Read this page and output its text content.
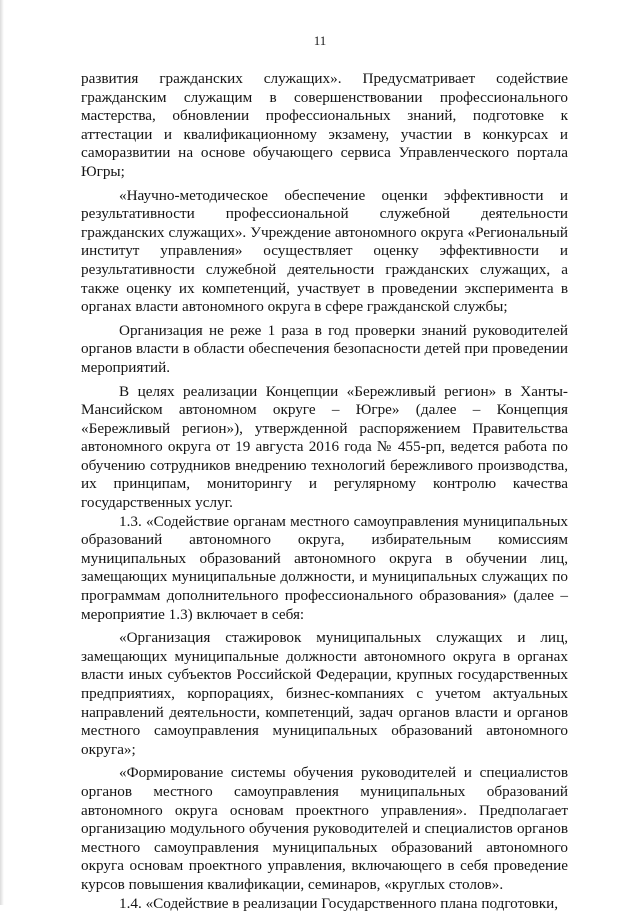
11

развития гражданских служащих». Предусматривает содействие гражданским служащим в совершенствовании профессионального мастерства, обновлении профессиональных знаний, подготовке к аттестации и квалификационному экзамену, участии в конкурсах и саморазвитии на основе обучающего сервиса Управленческого портала Югры;

«Научно-методическое обеспечение оценки эффективности и результативности профессиональной служебной деятельности гражданских служащих». Учреждение автономного округа «Региональный институт управления» осуществляет оценку эффективности и результативности служебной деятельности гражданских служащих, а также оценку их компетенций, участвует в проведении эксперимента в органах власти автономного округа в сфере гражданской службы;

Организация не реже 1 раза в год проверки знаний руководителей органов власти в области обеспечения безопасности детей при проведении мероприятий.

В целях реализации Концепции «Бережливый регион» в Ханты-Мансийском автономном округе – Югре» (далее – Концепция «Бережливый регион»), утвержденной распоряжением Правительства автономного округа от 19 августа 2016 года № 455-рп, ведется работа по обучению сотрудников внедрению технологий бережливого производства, их принципам, мониторингу и регулярному контролю качества государственных услуг.

1.3. «Содействие органам местного самоуправления муниципальных образований автономного округа, избирательным комиссиям муниципальных образований автономного округа в обучении лиц, замещающих муниципальные должности, и муниципальных служащих по программам дополнительного профессионального образования» (далее – мероприятие 1.3) включает в себя:

«Организация стажировок муниципальных служащих и лиц, замещающих муниципальные должности автономного округа в органах власти иных субъектов Российской Федерации, крупных государственных предприятиях, корпорациях, бизнес-компаниях с учетом актуальных направлений деятельности, компетенций, задач органов власти и органов местного самоуправления муниципальных образований автономного округа»;

«Формирование системы обучения руководителей и специалистов органов местного самоуправления муниципальных образований автономного округа основам проектного управления». Предполагает организацию модульного обучения руководителей и специалистов органов местного самоуправления муниципальных образований автономного округа основам проектного управления, включающего в себя проведение курсов повышения квалификации, семинаров, «круглых столов».

1.4. «Содействие в реализации Государственного плана подготовки,
